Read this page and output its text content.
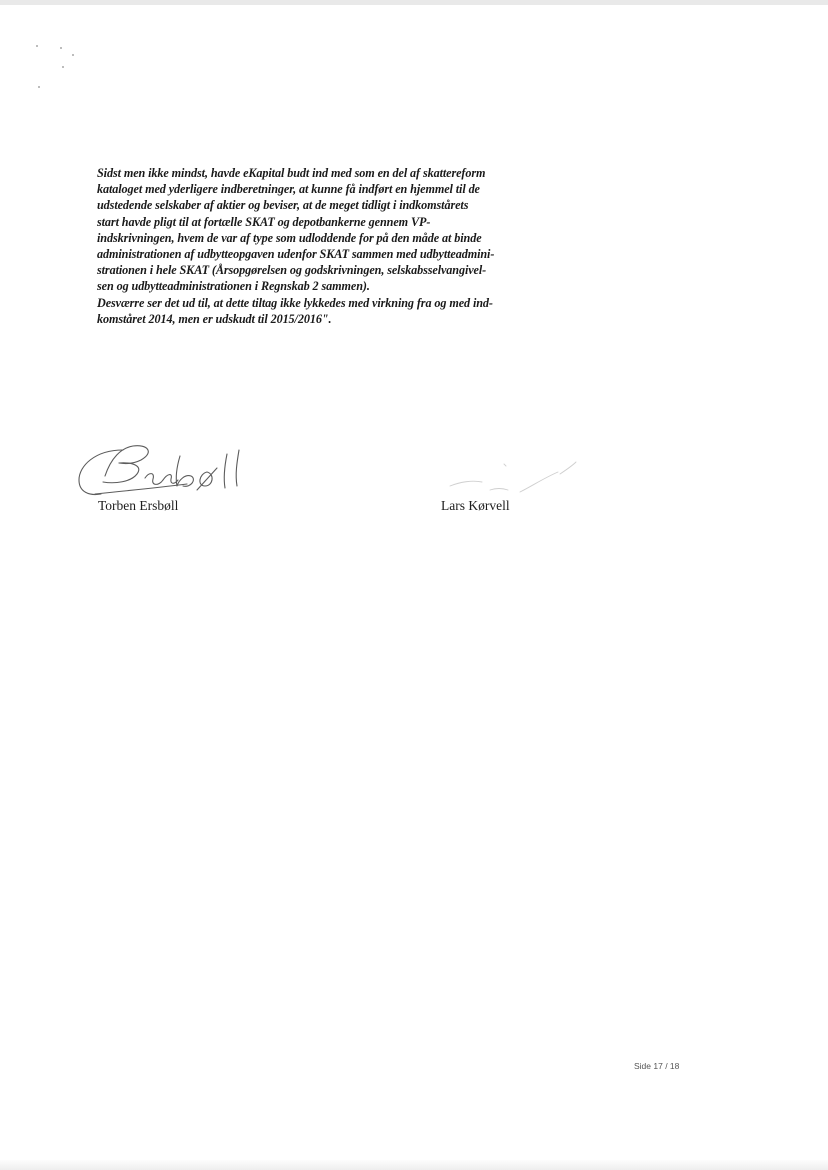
Sidst men ikke mindst, havde eKapital budt ind med som en del af skattereform
kataloget med yderligere indberetninger, at kunne få indført en hjemmel til de
udstedende selskaber af aktier og beviser, at de meget tidligt i indkomstårets
start havde pligt til at fortælle SKAT og depotbankerne gennem VP-
indskrivningen, hvem de var af type som udloddende for på den måde at binde
administrationen af udbytteopgaven udenfor SKAT sammen med udbytteadmini-
strationen i hele SKAT (Årsopgørelsen og godskrivningen, selskabsselvangivel-
sen og udbytteadministrationen i Regnskab 2 sammen).
Desværre ser det ud til, at dette tiltag ikke lykkedes med virkning fra og med ind-
komståret 2014, men er udskudt til 2015/2016".
Torben Ersbøll	Lars Kørvell
Side 17 / 18
